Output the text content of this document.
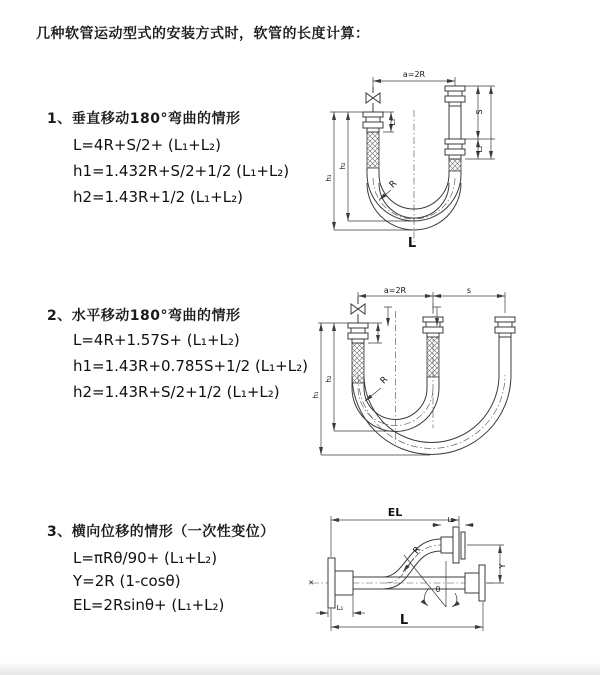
几种软管运动型式的安装方式时，软管的长度计算：
1、垂直移动180°弯曲的情形
L=4R+S/2+ (L₁+L₂)
h1=1.432R+S/2+1/2 (L₁+L₂)
h2=1.43R+1/2 (L₁+L₂)
2、水平移动180°弯曲的情形
L=4R+1.57S+ (L₁+L₂)
h1=1.43R+0.785S+1/2 (L₁+L₂)
h2=1.43R+S/2+1/2 (L₁+L₂)
3、横向位移的情形（一次性变位）
L=πRθ/90+ (L₁+L₂)
Y=2R (1-cosθ)
EL=2Rsinθ+ (L₁+L₂)
a=2R
L₁
S
L₂
h₂
h₁
R
L
a=2R	s
h₂
h₁
R
EL
L₂
Y
R
θ
L
L₁
✕
